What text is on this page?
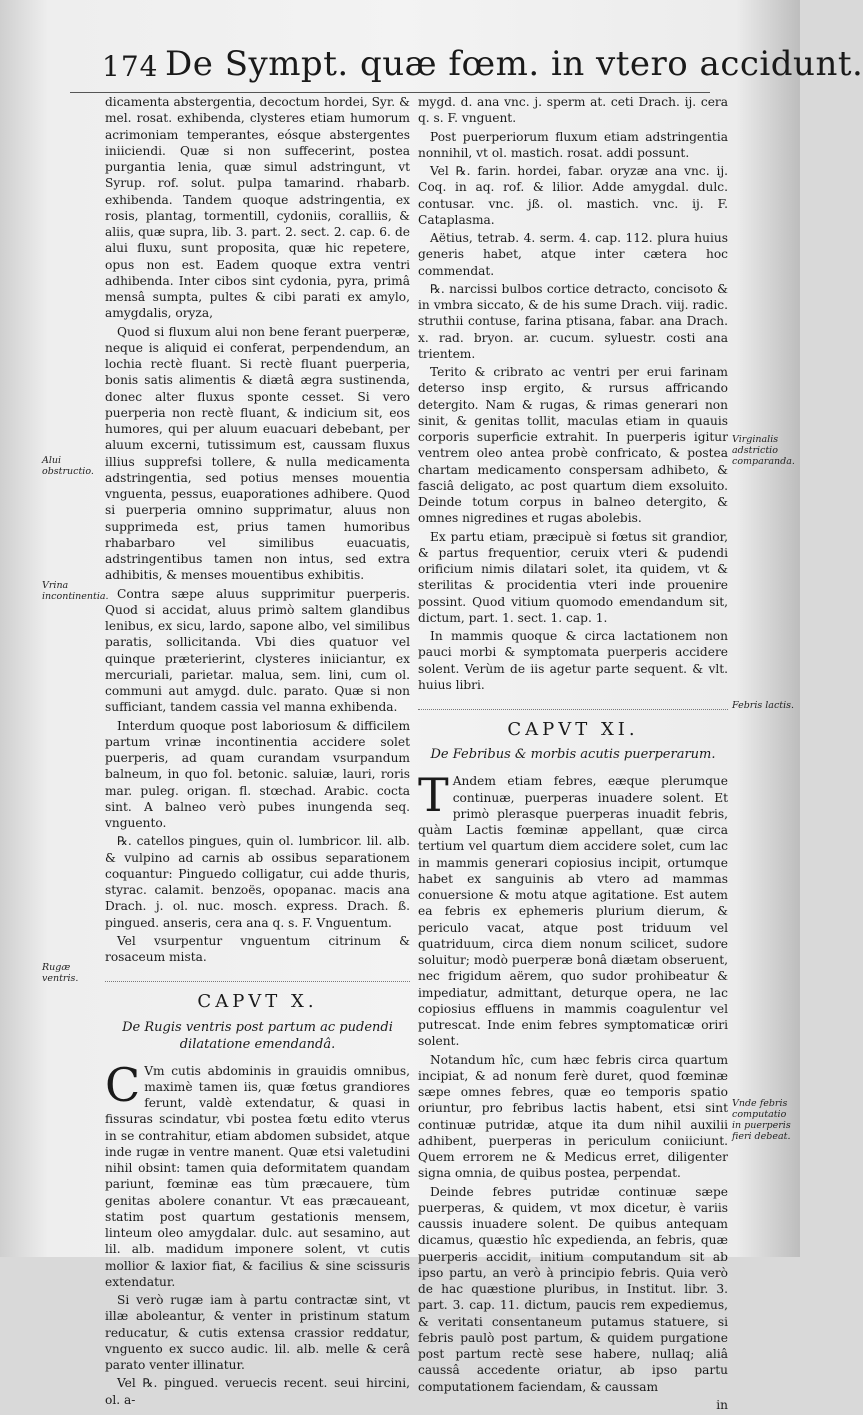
174 De Sympt. quæ fœm. in vtero accidunt.

dicamenta abstergentia, decoctum hordei, Syr. & mel. rosat. exhibenda, clysteres etiam humorum acrimoniam temperantes, eósque abstergentes iniiciendi. Quæ si non suffecerint, postea purgantia lenia, quæ simul adstringunt, vt Syrup. rof. solut. pulpa tamarind. rhabarb. exhibenda. Tandem quoque adstringentia, ex rosis, plantag, tormentill, cydoniis, coralliis, & aliis, quæ supra, lib. 3. part. 2. sect. 2. cap. 6. de alui fluxu, sunt proposita, quæ hic repetere, opus non est. Eadem quoque extra ventri adhibenda. Inter cibos sint cydonia, pyra, primâ mensâ sumpta, pultes & cibi parati ex amylo, amygdalis, oryza,

Quod si fluxum alui non bene ferant puerperæ, neque is aliquid ei conferat, perpendendum, an lochia rectè fluant. Si rectè fluant puerperia, bonis satis alimentis & diætâ ægra sustinenda, donec alter fluxus sponte cesset. Si vero puerperia non rectè fluant, & indicium sit, eos humores, qui per aluum euacuari debebant, per aluum excerni, tutissimum est, caussam fluxus illius supprefsi tollere, & nulla medicamenta adstringentia, sed potius menses mouentia vnguenta, pessus, euaporationes adhibere. Quod si puerperia omnino supprimatur, aluus non supprimeda est, prius tamen humoribus rhabarbaro vel similibus euacuatis, adstringentibus tamen non intus, sed extra adhibitis, & menses mouentibus exhibitis.

Contra sæpe aluus supprimitur puerperis. Quod si accidat, aluus primò saltem glandibus lenibus, ex sicu, lardo, sapone albo, vel similibus paratis, sollicitanda. Vbi dies quatuor vel quinque præterierint, clysteres iniiciantur, ex mercuriali, parietar. malua, sem. lini, cum ol. communi aut amygd. dulc. parato. Quæ si non sufficiant, tandem cassia vel manna exhibenda.

Interdum quoque post laboriosum & difficilem partum vrinæ incontinentia accidere solet puerperis, ad quam curandam vsurpandum balneum, in quo fol. betonic. saluiæ, lauri, roris mar. puleg. origan. fl. stœchad. Arabic. cocta sint. A balneo verò pubes inungenda seq. vnguento.

℞. catellos pingues, quin ol. lumbricor. lil. alb. & vulpino ad carnis ab ossibus separationem coquantur: Pinguedo colligatur, cui adde thuris, styrac. calamit. benzoës, opopanac. macis ana Drach. j. ol. nuc. mosch. express. Drach. ß. pingued. anseris, cera ana q. s. F. Vnguentum.

Vel vsurpentur vnguentum citrinum & rosaceum mista.

CAPVT X.
De Rugis ventris post partum ac pudendi dilatatione emendandâ.

C Vm cutis abdominis in grauidis omnibus, maximè tamen iis, quæ fœtus grandiores ferunt, valdè extendatur, & quasi in fissuras scindatur, vbi postea fœtu edito vterus in se contrahitur, etiam abdomen subsidet, atque inde rugæ in ventre manent. Quæ etsi valetudini nihil obsint: tamen quia deformitatem quandam pariunt, fœminæ eas tùm præcauere, tùm genitas abolere conantur. Vt eas præcaueant, statim post quartum gestationis mensem, linteum oleo amygdalar. dulc. aut sesamino, aut lil. alb. madidum imponere solent, vt cutis mollior & laxior fiat, & facilius & sine scissuris extendatur.

Si verò rugæ iam à partu contractæ sint, vt illæ aboleantur, & venter in pristinum statum reducatur, & cutis extensa crassior reddatur, vnguento ex succo audic. lil. alb. melle & cerâ parato venter illinatur.

Vel ℞. pingued. veruecis recent. seui hircini, ol. a-

mygd. d. ana vnc. j. sperm at. ceti Drach. ij. cera q. s. F. vnguent.

Post puerperiorum fluxum etiam adstringentia nonnihil, vt ol. mastich. rosat. addi possunt.

Vel ℞. farin. hordei, fabar. oryzæ ana vnc. ij. Coq. in aq. rof. & lilior. Adde amygdal. dulc. contusar. vnc. jß. ol. mastich. vnc. ij. F. Cataplasma.

Aëtius, tetrab. 4. serm. 4. cap. 112. plura huius generis habet, atque inter cætera hoc commendat.

℞. narcissi bulbos cortice detracto, concisoto & in vmbra siccato, & de his sume Drach. viij. radic. struthii contuse, farina ptisana, fabar. ana Drach. x. rad. bryon. ar. cucum. syluestr. costi ana trientem.

Terito & cribrato ac ventri per erui farinam deterso insp ergito, & rursus affricando detergito. Nam & rugas, & rimas generari non sinit, & genitas tollit, maculas etiam in quauis corporis superficie extrahit. In puerperis igitur ventrem oleo antea probè confricato, & postea chartam medicamento conspersam adhibeto, & fasciâ deligato, ac post quartum diem exsoluito. Deinde totum corpus in balneo detergito, & omnes nigredines et rugas abolebis.

Ex partu etiam, præcipuè si fœtus sit grandior, & partus frequentior, ceruix vteri & pudendi orificium nimis dilatari solet, ita quidem, vt & sterilitas & procidentia vteri inde prouenire possint. Quod vitium quomodo emendandum sit, dictum, part. 1. sect. 1. cap. 1.

In mammis quoque & circa lactationem non pauci morbi & symptomata puerperis accidere solent. Verùm de iis agetur parte sequent. & vlt. huius libri.

CAPVT XI.
De Febribus & morbis acutis puerperarum.

T Andem etiam febres, eæque plerumque continuæ, puerperas inuadere solent. Et primò plerasque puerperas inuadit febris, quàm Lactis fœminæ appellant, quæ circa tertium vel quartum diem accidere solet, cum lac in mammis generari copiosius incipit, ortumque habet ex sanguinis ab vtero ad mammas conuersione & motu atque agitatione. Est autem ea febris ex ephemeris plurium dierum, & periculo vacat, atque post triduum vel quatriduum, circa diem nonum scilicet, sudore soluitur; modò puerperæ bonâ diætam obseruent, nec frigidum aërem, quo sudor prohibeatur & impediatur, admittant, deturque opera, ne lac copiosius effluens in mammis coagulentur vel putrescat. Inde enim febres symptomaticæ oriri solent.

Notandum hîc, cum hæc febris circa quartum incipiat, & ad nonum ferè duret, quod fœminæ sæpe omnes febres, quæ eo temporis spatio oriuntur, pro febribus lactis habent, etsi sint continuæ putridæ, atque ita dum nihil auxilii adhibent, puerperas in periculum coniiciunt. Quem errorem ne & Medicus erret, diligenter signa omnia, de quibus postea, perpendat.

Deinde febres putridæ continuæ sæpe puerperas, & quidem, vt mox dicetur, è variis caussis inuadere solent. De quibus antequam dicamus, quæstio hîc expedienda, an febris, quæ puerperis accidit, initium computandum sit ab ipso partu, an verò à principio febris. Quia verò de hac quæstione pluribus, in Institut. libr. 3. part. 3. cap. 11. dictum, paucis rem expediemus, & veritati consentaneum putamus statuere, si febris paulò post partum, & quidem purgatione post partum rectè sese habere, nullaq; aliâ caussâ accedente oriatur, ab ipso partu computationem faciendam, & caussam

in

Alui obstructio.
Vrina incontinentia.
Rugæ ventris.
Virginalis adstrictio comparanda.
Febris lactis.
Vnde febris computatio in puerperis fieri debeat.
